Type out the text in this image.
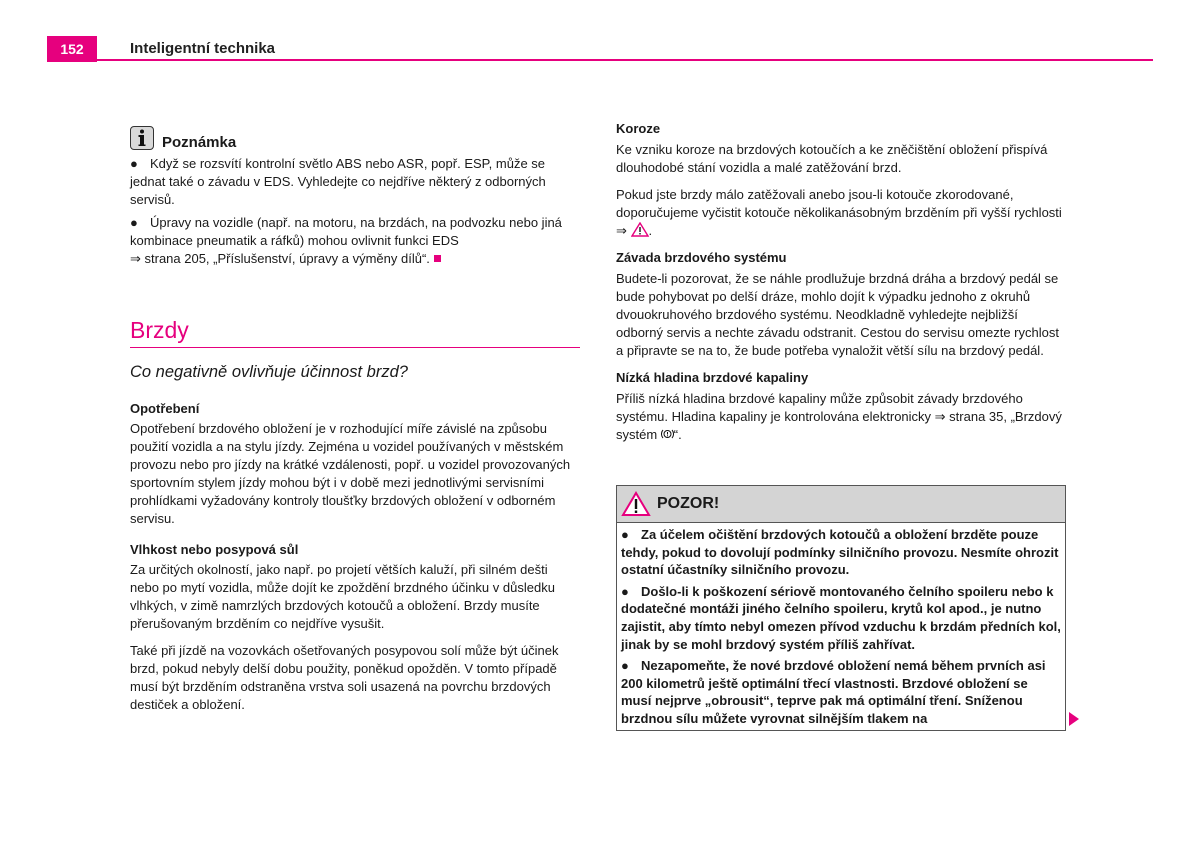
152	Inteligentní technika
Poznámka

● Když se rozsvítí kontrolní světlo ABS nebo ASR, popř. ESP, může se jednat také o závadu v EDS. Vyhledejte co nejdříve některý z odborných servisů.

● Úpravy na vozidle (např. na motoru, na brzdách, na podvozku nebo jiná kombinace pneumatik a ráfků) mohou ovlivnit funkci EDS
⇒ strana 205, „Příslušenství, úpravy a výměny dílů“.

Brzdy
Co negativně ovlivňuje účinnost brzd?

Opotřebení

Opotřebení brzdového obložení je v rozhodující míře závislé na způsobu použití vozidla a na stylu jízdy. Zejména u vozidel používaných v městském provozu nebo pro jízdy na krátké vzdálenosti, popř. u vozidel provozovaných sportovním stylem jízdy mohou být i v době mezi jednotlivými servisními prohlídkami vyžadovány kontroly tloušťky brzdových obložení v odborném servisu.

Vlhkost nebo posypová sůl

Za určitých okolností, jako např. po projetí větších kaluží, při silném dešti nebo po mytí vozidla, může dojít ke zpoždění brzdného účinku v důsledku vlhkých, v zimě namrzlých brzdových kotoučů a obložení. Brzdy musíte přerušovaným brzděním co nejdříve vysušit.

Také při jízdě na vozovkách ošetřovaných posypovou solí může být účinek brzd, pokud nebyly delší dobu použity, poněkud opožděn. V tomto případě musí být brzděním odstraněna vrstva soli usazená na povrchu brzdových destiček a obložení.

Koroze

Ke vzniku koroze na brzdových kotoučích a ke zněčištění obložení přispívá dlouhodobé stání vozidla a malé zatěžování brzd.

Pokud jste brzdy málo zatěžovali anebo jsou-li kotouče zkorodované, doporučujeme vyčistit kotouče několikanásobným brzděním při vyšší rychlosti ⇒ .

Závada brzdového systému

Budete-li pozorovat, že se náhle prodlužuje brzdná dráha a brzdový pedál se bude pohybovat po delší dráze, mohlo dojít k výpadku jednoho z okruhů dvouokruhového brzdového systému. Neodkladně vyhledejte nejbližší odborný servis a nechte závadu odstranit. Cestou do servisu omezte rychlost a připravte se na to, že bude potřeba vynaložit větší sílu na brzdový pedál.

Nízká hladina brzdové kapaliny

Příliš nízká hladina brzdové kapaliny může způsobit závady brzdového systému. Hladina kapaliny je kontrolována elektronicky ⇒ strana 35, „Brzdový systém “.

POZOR!

● Za účelem očištění brzdových kotoučů a obložení brzděte pouze tehdy, pokud to dovolují podmínky silničního provozu. Nesmíte ohrozit ostatní účastníky silničního provozu.

● Došlo-li k poškození sériově montovaného čelního spoileru nebo k dodatečné montáži jiného čelního spoileru, krytů kol apod., je nutno zajistit, aby tímto nebyl omezen přívod vzduchu k brzdám předních kol, jinak by se mohl brzdový systém příliš zahřívat.

● Nezapomeňte, že nové brzdové obložení nemá během prvních asi 200 kilometrů ještě optimální třecí vlastnosti. Brzdové obložení se musí nejprve „obrousit“, teprve pak má optimální tření. Sníženou brzdnou sílu můžete vyrovnat silnějším tlakem na
